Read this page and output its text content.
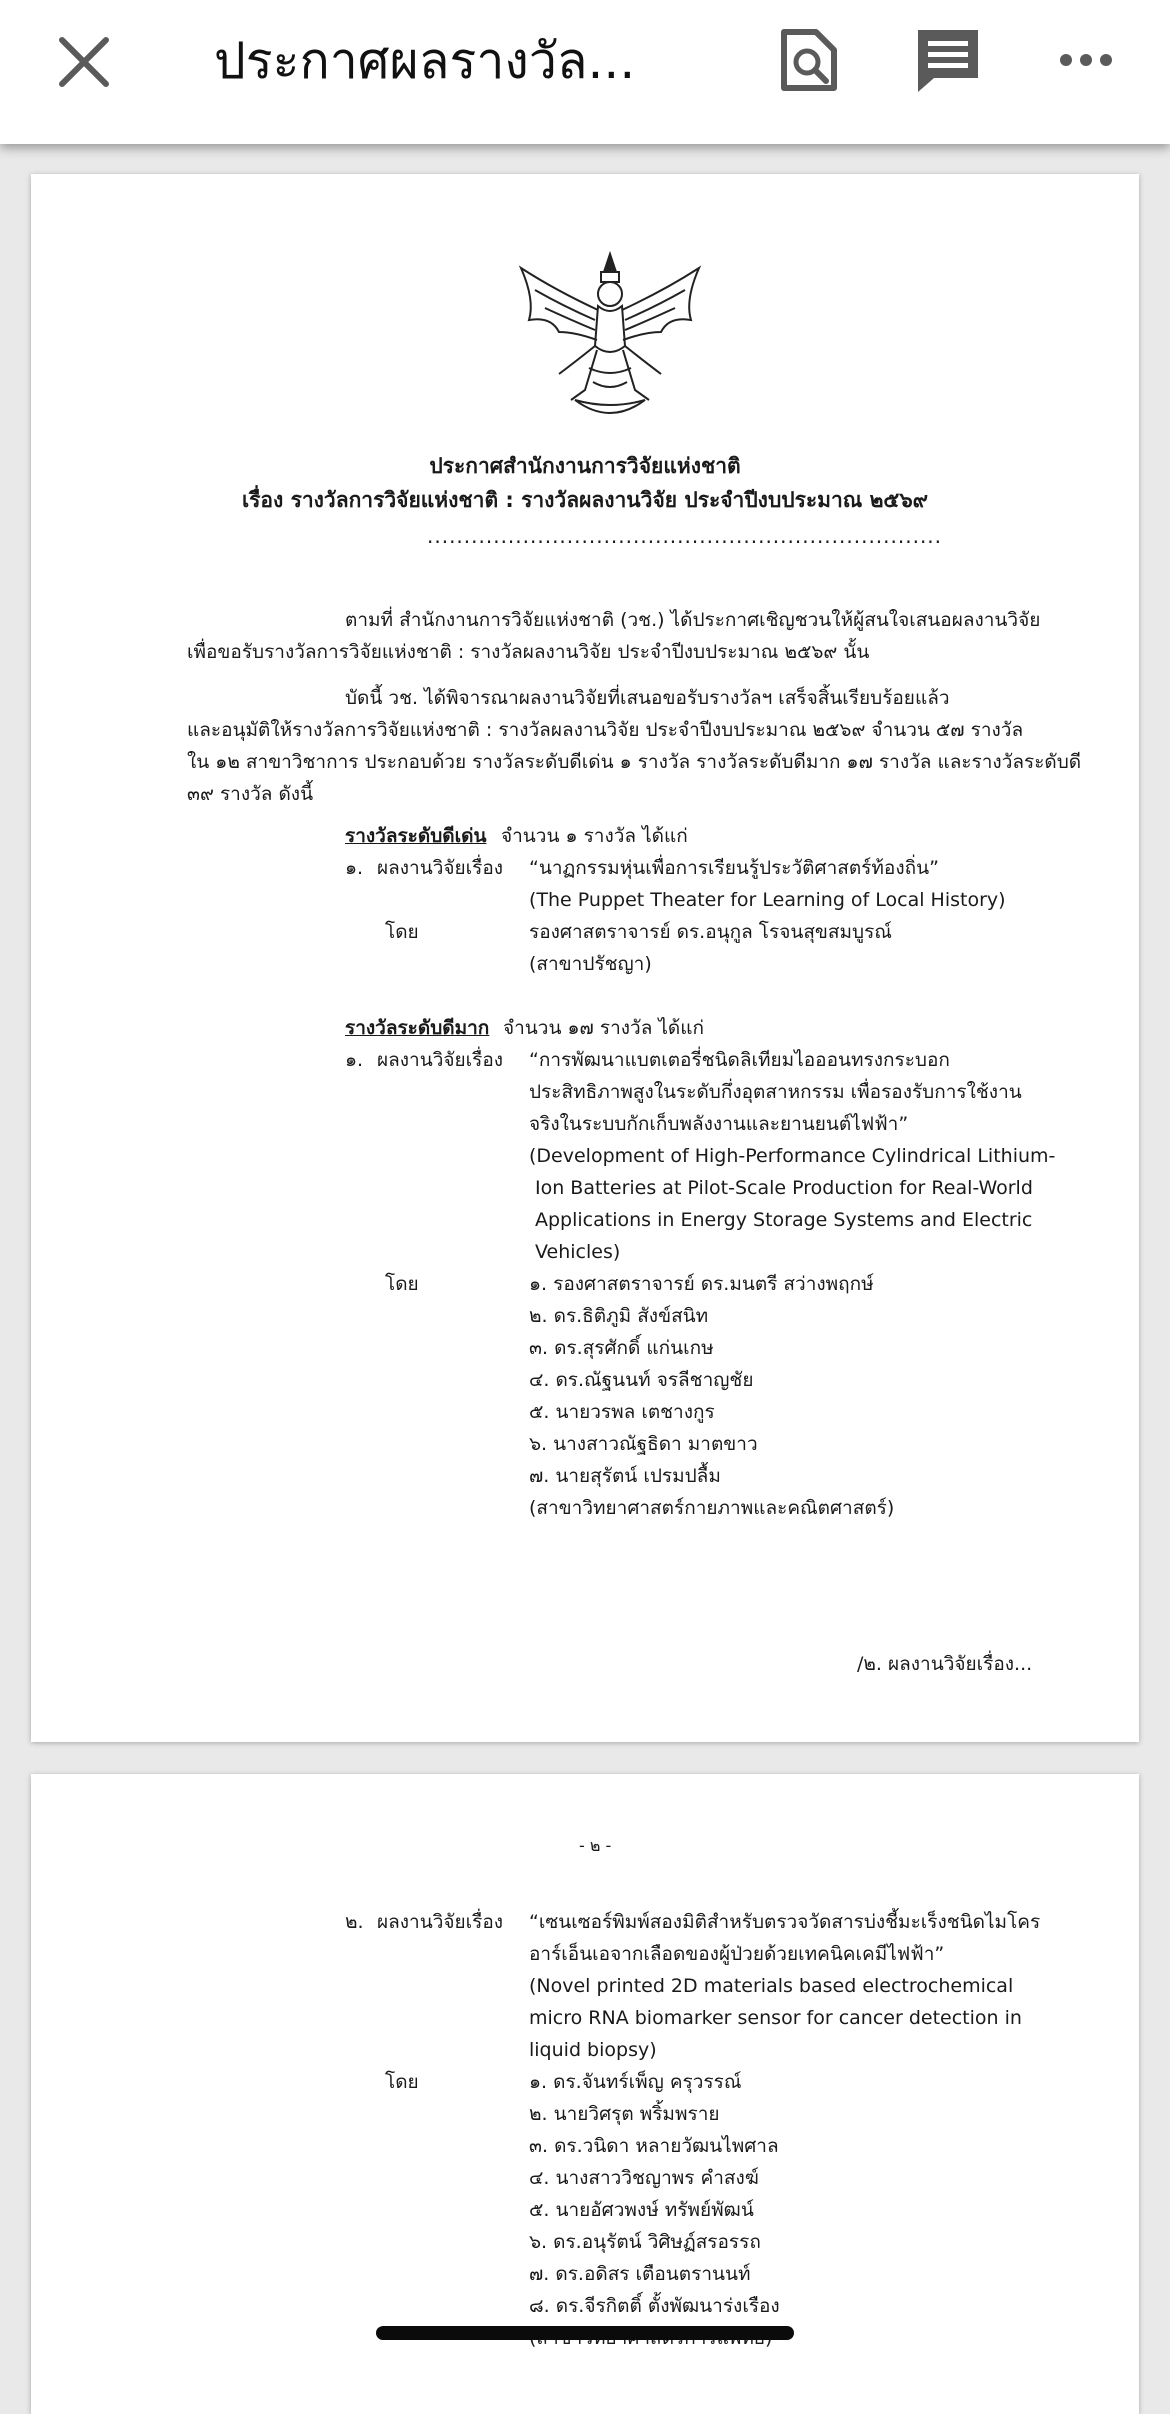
ประกาศผลรางวัล...
ประกาศสำนักงานการวิจัยแห่งชาติ
เรื่อง รางวัลการวิจัยแห่งชาติ : รางวัลผลงานวิจัย ประจำปีงบประมาณ ๒๕๖๙
......................................................................
ตามที่ สำนักงานการวิจัยแห่งชาติ (วช.) ได้ประกาศเชิญชวนให้ผู้สนใจเสนอผลงานวิจัย
เพื่อขอรับรางวัลการวิจัยแห่งชาติ : รางวัลผลงานวิจัย ประจำปีงบประมาณ ๒๕๖๙ นั้น
บัดนี้ วช. ได้พิจารณาผลงานวิจัยที่เสนอขอรับรางวัลฯ เสร็จสิ้นเรียบร้อยแล้ว
และอนุมัติให้รางวัลการวิจัยแห่งชาติ : รางวัลผลงานวิจัย ประจำปีงบประมาณ ๒๕๖๙ จำนวน ๕๗ รางวัล
ใน ๑๒ สาขาวิชาการ ประกอบด้วย รางวัลระดับดีเด่น ๑ รางวัล รางวัลระดับดีมาก ๑๗ รางวัล และรางวัลระดับดี
๓๙ รางวัล ดังนี้
รางวัลระดับดีเด่น จำนวน ๑ รางวัล ได้แก่
๑. ผลงานวิจัยเรื่อง “นาฏกรรมหุ่นเพื่อการเรียนรู้ประวัติศาสตร์ท้องถิ่น”
(The Puppet Theater for Learning of Local History)
โดย	รองศาสตราจารย์ ดร.อนุกูล โรจนสุขสมบูรณ์
(สาขาปรัชญา)
รางวัลระดับดีมาก จำนวน ๑๗ รางวัล ได้แก่
๑. ผลงานวิจัยเรื่อง “การพัฒนาแบตเตอรี่ชนิดลิเทียมไอออนทรงกระบอก
ประสิทธิภาพสูงในระดับกึ่งอุตสาหกรรม เพื่อรองรับการใช้งาน
จริงในระบบกักเก็บพลังงานและยานยนต์ไฟฟ้า”
(Development of High-Performance Cylindrical Lithium-
Ion Batteries at Pilot-Scale Production for Real-World
Applications in Energy Storage Systems and Electric
Vehicles)
โดย	๑. รองศาสตราจารย์ ดร.มนตรี สว่างพฤกษ์
๒. ดร.ธิติภูมิ สังข์สนิท
๓. ดร.สุรศักดิ์ แก่นเกษ
๔. ดร.ณัฐนนท์ จรลีชาญชัย
๕. นายวรพล เตชางกูร
๖. นางสาวณัฐธิดา มาตขาว
๗. นายสุรัตน์ เปรมปลื้ม
(สาขาวิทยาศาสตร์กายภาพและคณิตศาสตร์)
/๒. ผลงานวิจัยเรื่อง...
- ๒ -
๒. ผลงานวิจัยเรื่อง “เซนเซอร์พิมพ์สองมิติสำหรับตรวจวัดสารบ่งชี้มะเร็งชนิดไมโคร
อาร์เอ็นเอจากเลือดของผู้ป่วยด้วยเทคนิคเคมีไฟฟ้า”
(Novel printed 2D materials based electrochemical
micro RNA biomarker sensor for cancer detection in
liquid biopsy)
โดย	๑. ดร.จันทร์เพ็ญ ครุวรรณ์
๒. นายวิศรุต พริ้มพราย
๓. ดร.วนิดา หลายวัฒนไพศาล
๔. นางสาววิชญาพร คำสงฆ์
๕. นายอัศวพงษ์ ทรัพย์พัฒน์
๖. ดร.อนุรัตน์ วิศิษฏ์สรอรรถ
๗. ดร.อดิสร เตือนตรานนท์
๘. ดร.จีรกิตติ์ ตั้งพัฒนาร่งเรือง
